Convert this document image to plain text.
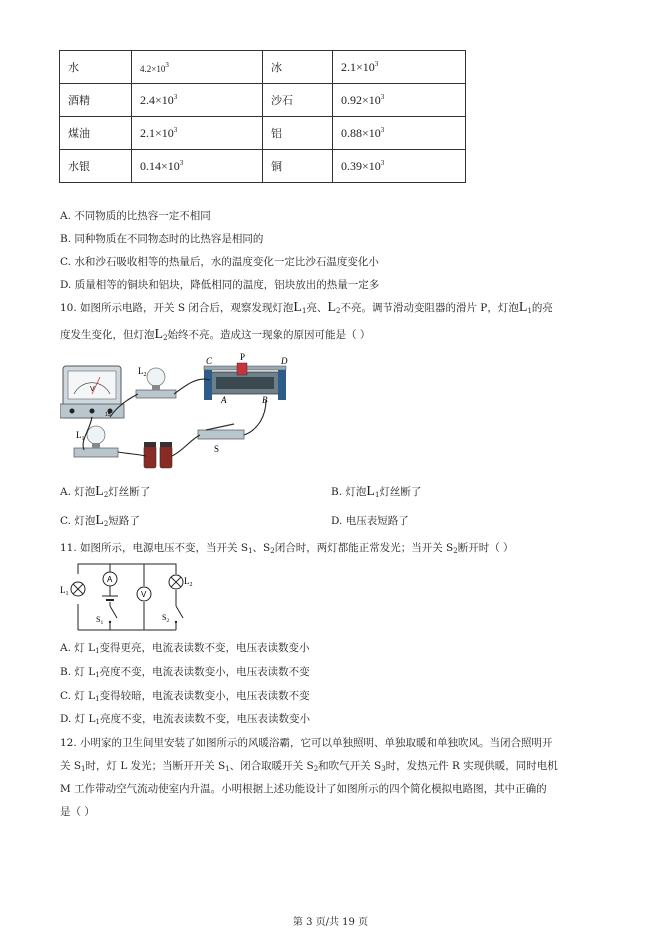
水	$4.2\times 10^3$	冰	$2.1\times 10^3$
酒精	$2.4\times 10^3$	沙石	$0.92\times 10^3$
煤油	$2.1\times 10^3$	铝	$0.88\times 10^3$
水银	$0.14\times 10^3$	铜	$0.39\times 10^3$
A. 不同物质的比热容一定不相同
B. 同种物质在不同物态时的比热容是相同的
C. 水和沙石吸收相等的热量后，水的温度变化一定比沙石温度变化小
D. 质量相等的铜块和铝块，降低相同的温度，铝块放出的热量一定多
10. 如图所示电路，开关 S 闭合后，观察发现灯泡$L_1$亮、$L_2$不亮。调节滑动变阻器的滑片 P，灯泡$L_1$的亮
度发生变化，但灯泡$L_2$始终不亮。造成这一现象的原因可能是（ ）
V
15
$L_2$
$L_1$
C	P	D
A	B
S
A. 灯泡$L_2$灯丝断了	B. 灯泡$L_1$灯丝断了
C. 灯泡$L_2$短路了	D. 电压表短路了
11. 如图所示，电源电压不变，当开关 $S_1$、$S_2$闭合时，两灯都能正常发光；当开关 $S_2$断开时（ ）
$L_1$
A
$S_1$
V
$L_2$
$S_2$
A. 灯 $L_1$变得更亮，电流表读数不变，电压表读数变小
B. 灯 $L_1$亮度不变，电流表读数变小，电压表读数不变
C. 灯 $L_1$变得较暗，电流表读数变小，电压表读数不变
D. 灯 $L_1$亮度不变，电流表读数不变，电压表读数变小
12. 小明家的卫生间里安装了如图所示的风暖浴霸，它可以单独照明、单独取暖和单独吹风。当闭合照明开
关 $S_1$时，灯 L 发光；当断开开关 $S_1$、闭合取暖开关 $S_2$和吹气开关 $S_3$时，发热元件 R 实现供暖，同时电机
M 工作带动空气流动使室内升温。小明根据上述功能设计了如图所示的四个简化模拟电路图，其中正确的
是（ ）
第 3 页/共 19 页
